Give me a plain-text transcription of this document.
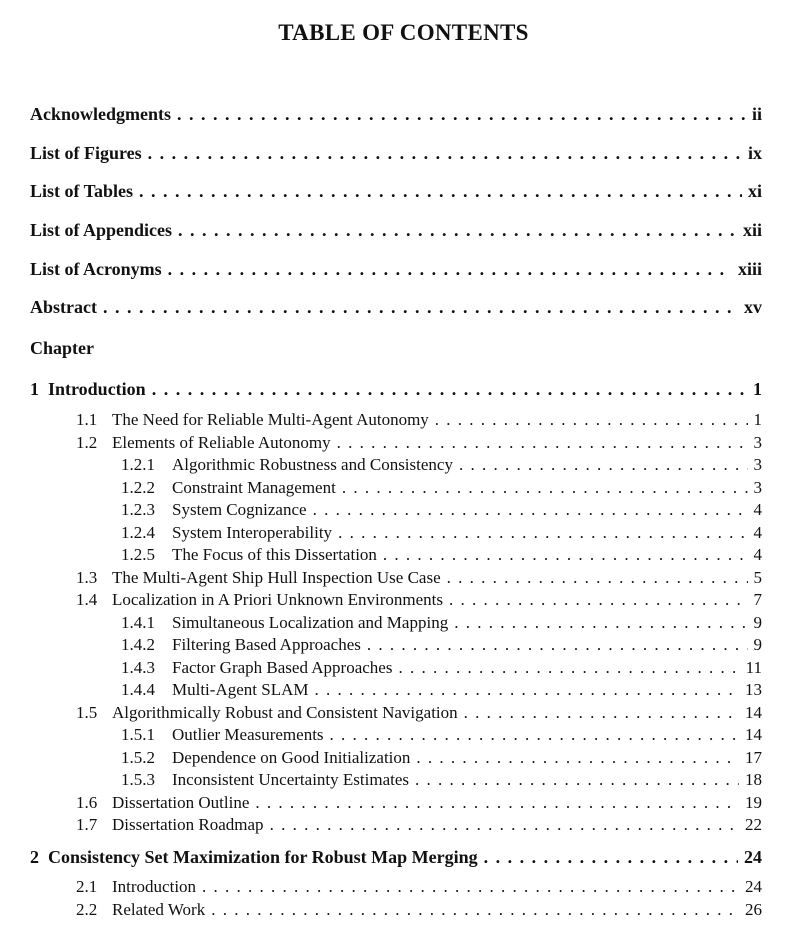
TABLE OF CONTENTS
Acknowledgments . . .	ii
List of Figures . . .	ix
List of Tables . . .	xi
List of Appendices . . .	xii
List of Acronyms . . .	xiii
Abstract . . .	xv
Chapter
1 Introduction . . .	1
1.1 The Need for Reliable Multi-Agent Autonomy . . .	1
1.2 Elements of Reliable Autonomy . . .	3
1.2.1	Algorithmic Robustness and Consistency . . .	3
1.2.2	Constraint Management . . .	3
1.2.3	System Cognizance . . .	4
1.2.4	System Interoperability . . .	4
1.2.5	The Focus of this Dissertation . . .	4
1.3 The Multi-Agent Ship Hull Inspection Use Case . . .	5
1.4 Localization in A Priori Unknown Environments . . .	7
1.4.1	Simultaneous Localization and Mapping . . .	9
1.4.2	Filtering Based Approaches . . .	9
1.4.3	Factor Graph Based Approaches . . .	11
1.4.4	Multi-Agent SLAM . . .	13
1.5 Algorithmically Robust and Consistent Navigation . . .	14
1.5.1	Outlier Measurements . . .	14
1.5.2	Dependence on Good Initialization . . .	17
1.5.3	Inconsistent Uncertainty Estimates . . .	18
1.6 Dissertation Outline . . .	19
1.7 Dissertation Roadmap . . .	22
2 Consistency Set Maximization for Robust Map Merging . . .	24
2.1 Introduction . . .	24
2.2 Related Work . . .	26
